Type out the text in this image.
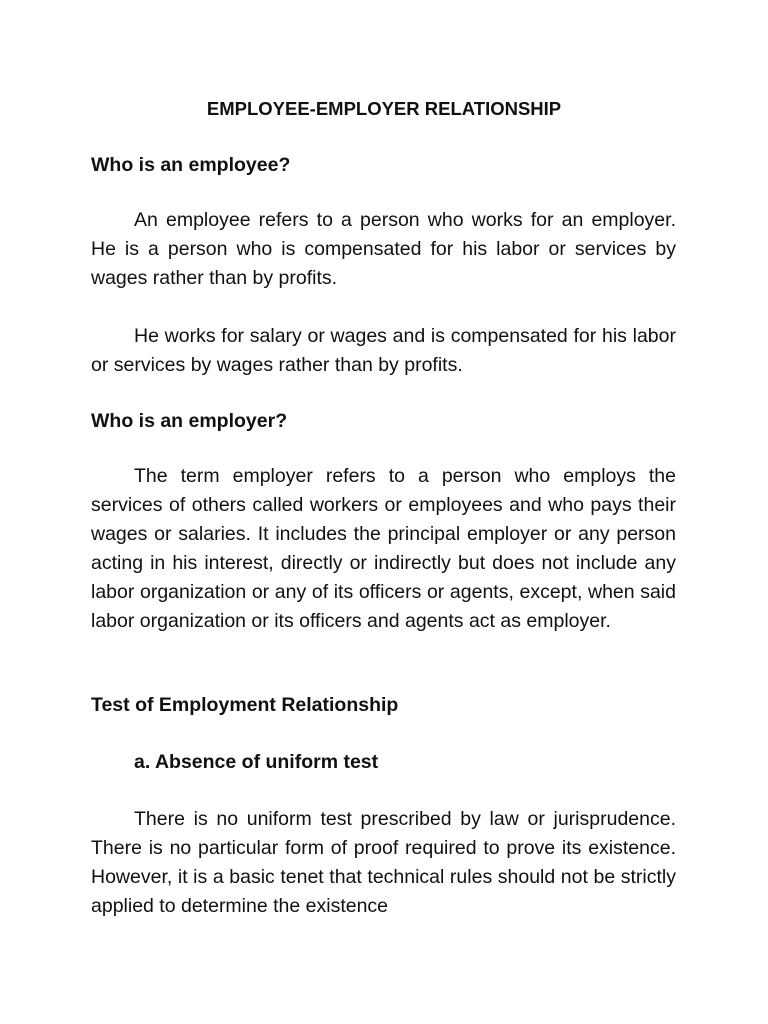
EMPLOYEE-EMPLOYER RELATIONSHIP
Who is an employee?

An employee refers to a person who works for an employer. He is a person who is compensated for his labor or services by wages rather than by profits.

He works for salary or wages and is compensated for his labor or services by wages rather than by profits.

Who is an employer?

The term employer refers to a person who employs the services of others called workers or employees and who pays their wages or salaries. It includes the principal employer or any person acting in his interest, directly or indirectly but does not include any labor organization or any of its officers or agents, except, when said labor organization or its officers and agents act as employer.

Test of Employment Relationship
a. Absence of uniform test

There is no uniform test prescribed by law or jurisprudence. There is no particular form of proof required to prove its existence. However, it is a basic tenet that technical rules should not be strictly applied to determine the existence
